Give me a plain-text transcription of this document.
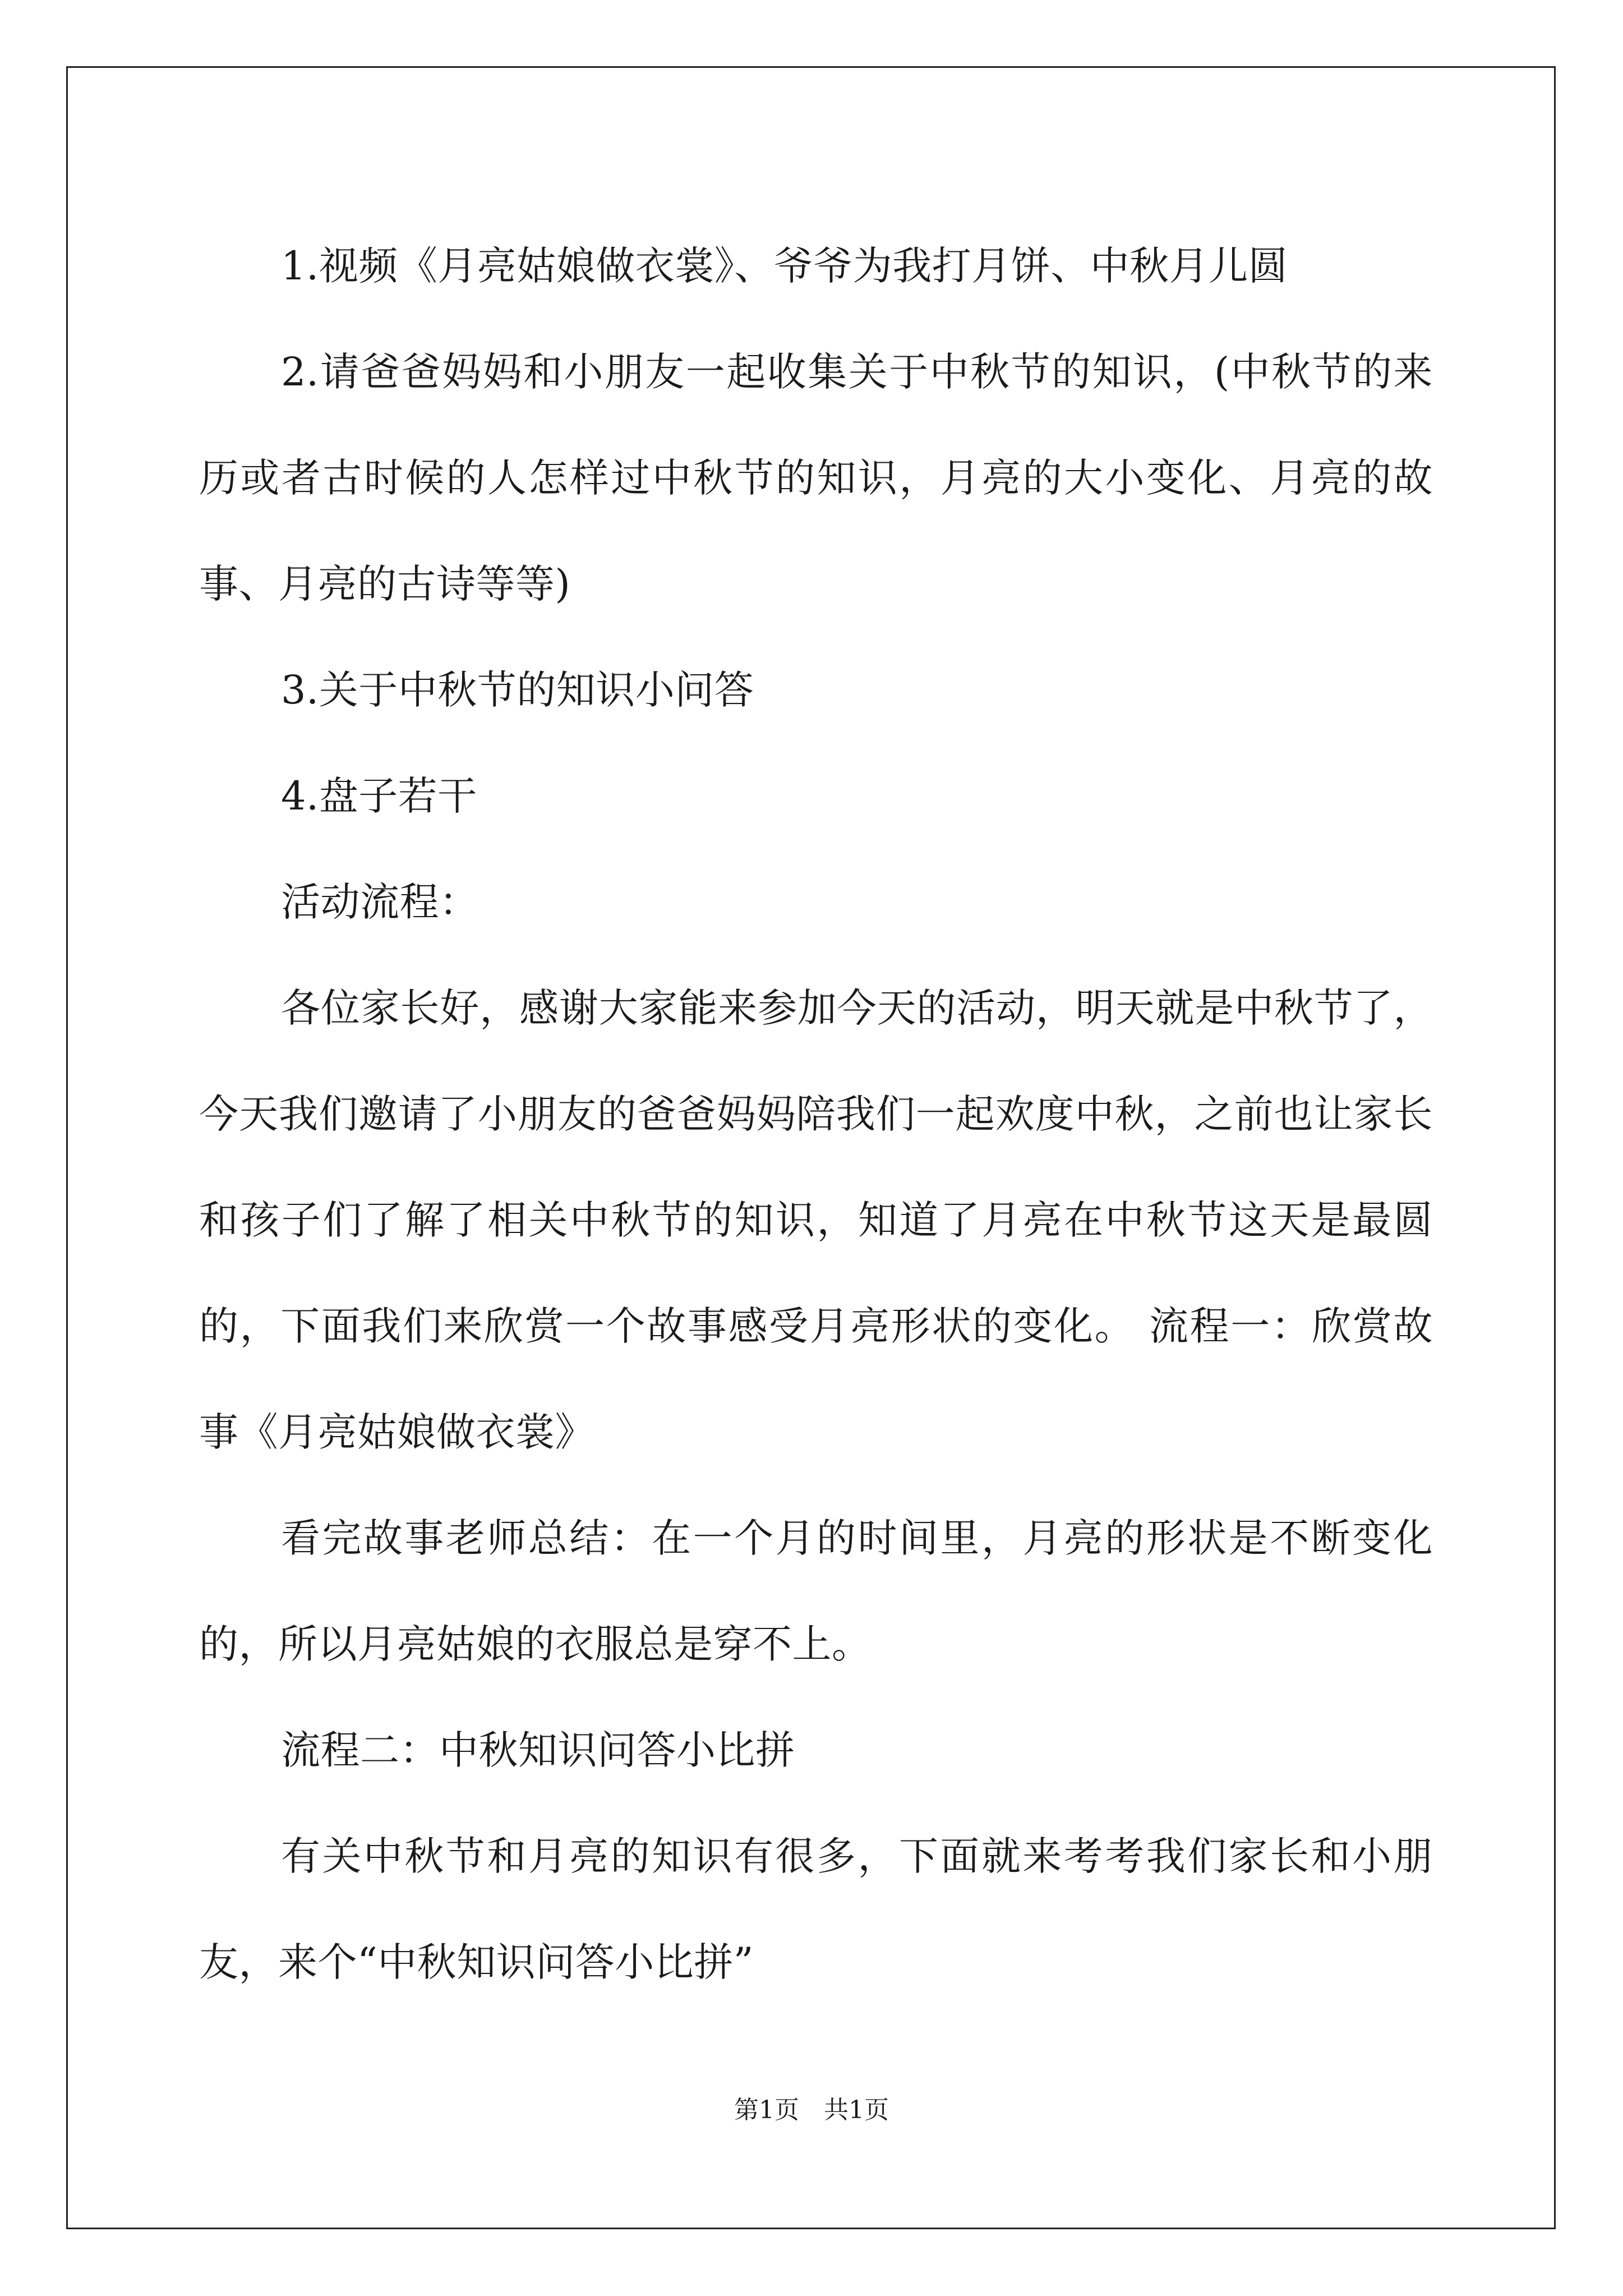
1.视频《月亮姑娘做衣裳》、爷爷为我打月饼、中秋月儿圆

2.请爸爸妈妈和小朋友一起收集关于中秋节的知识，(中秋节的来历或者古时候的人怎样过中秋节的知识，月亮的大小变化、月亮的故事、月亮的古诗等等)

3.关于中秋节的知识小问答

4.盘子若干

活动流程：

各位家长好，感谢大家能来参加今天的活动，明天就是中秋节了，今天我们邀请了小朋友的爸爸妈妈陪我们一起欢度中秋，之前也让家长和孩子们了解了相关中秋节的知识，知道了月亮在中秋节这天是最圆的，下面我们来欣赏一个故事感受月亮形状的变化。 流程一：欣赏故事《月亮姑娘做衣裳》

看完故事老师总结：在一个月的时间里，月亮的形状是不断变化的，所以月亮姑娘的衣服总是穿不上。

流程二：中秋知识问答小比拼

有关中秋节和月亮的知识有很多，下面就来考考我们家长和小朋友，来个“中秋知识问答小比拼”

第1页 共1页
